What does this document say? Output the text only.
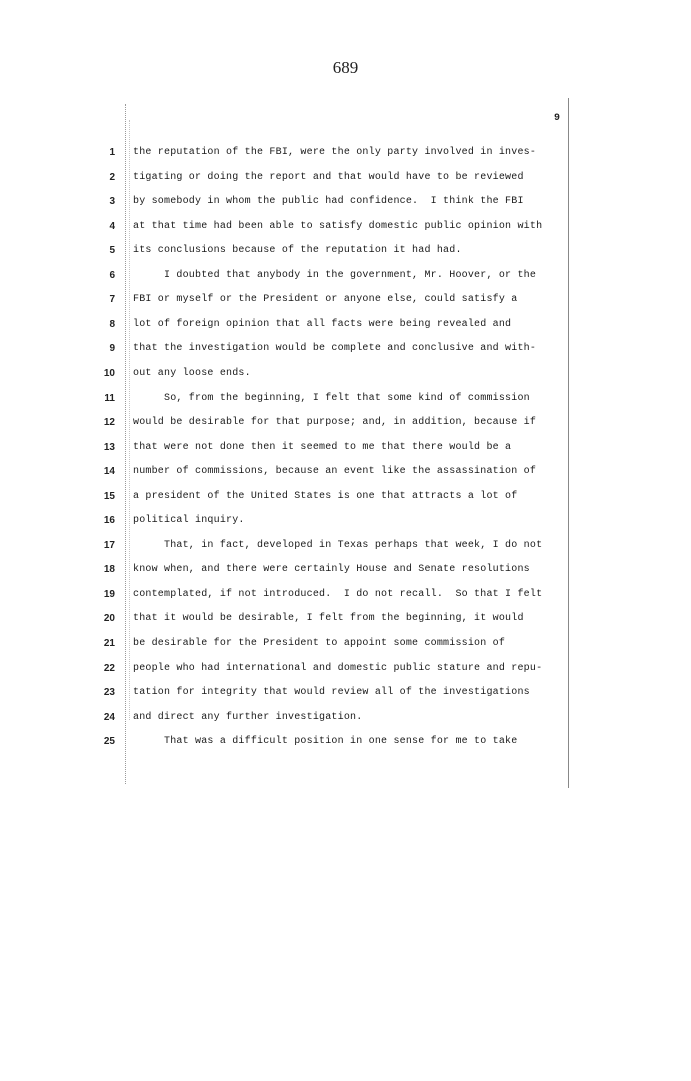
689
9
1 the reputation of the FBI, were the only party involved in inves-
2 tigating or doing the report and that would have to be reviewed
3 by somebody in whom the public had confidence.  I think the FBI
4 at that time had been able to satisfy domestic public opinion with
5 its conclusions because of the reputation it had had.
6 I doubted that anybody in the government, Mr. Hoover, or the
7 FBI or myself or the President or anyone else, could satisfy a
8 lot of foreign opinion that all facts were being revealed and
9 that the investigation would be complete and conclusive and with-
10 out any loose ends.
11 So, from the beginning, I felt that some kind of commission
12 would be desirable for that purpose; and, in addition, because if
13 that were not done then it seemed to me that there would be a
14 number of commissions, because an event like the assassination of
15 a president of the United States is one that attracts a lot of
16 political inquiry.
17 That, in fact, developed in Texas perhaps that week, I do not
18 know when, and there were certainly House and Senate resolutions
19 contemplated, if not introduced.  I do not recall.  So that I felt
20 that it would be desirable, I felt from the beginning, it would
21 be desirable for the President to appoint some commission of
22 people who had international and domestic public stature and repu-
23 tation for integrity that would review all of the investigations
24 and direct any further investigation.
25 That was a difficult position in one sense for me to take
